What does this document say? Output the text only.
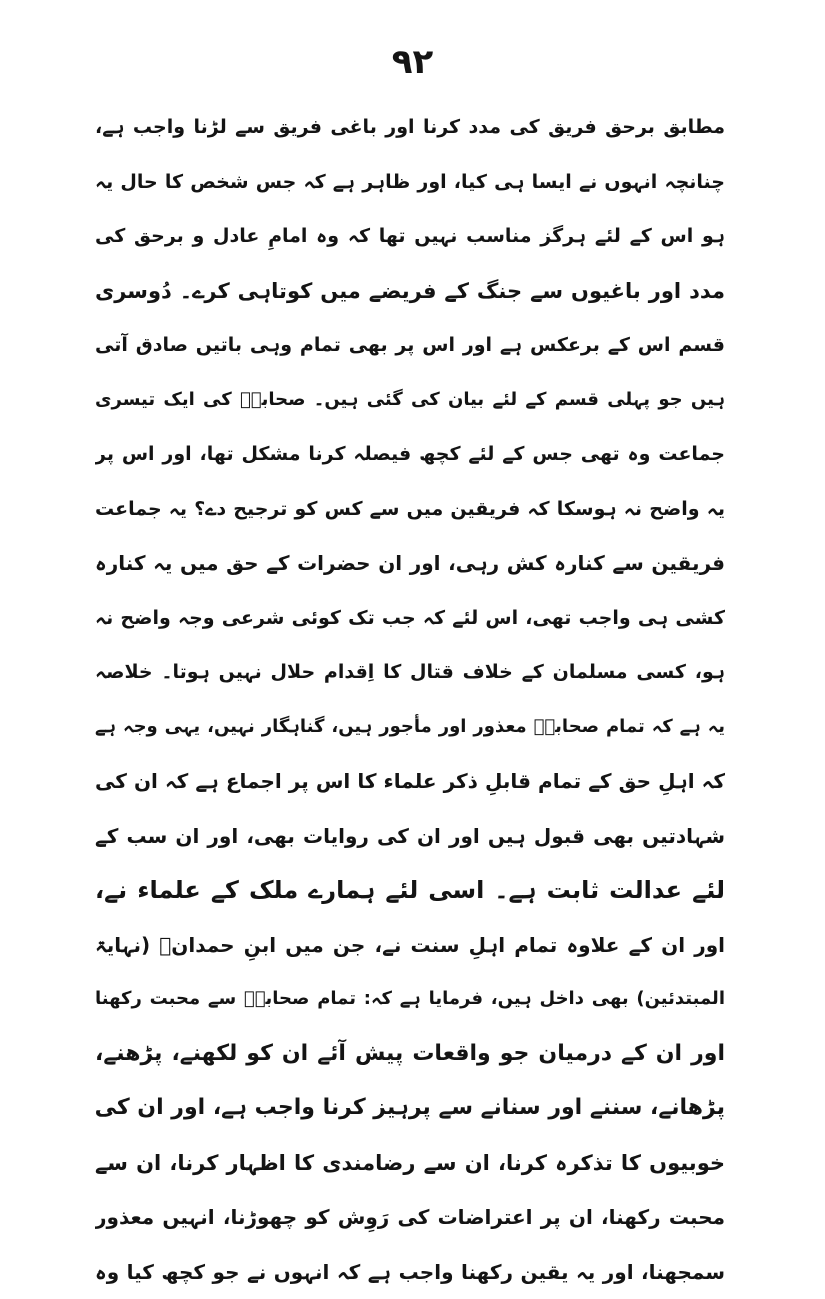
۹۲
مطابق برحق فریق کی مدد کرنا اور باغی فریق سے لڑنا واجب ہے،
چنانچہ انہوں نے ایسا ہی کیا، اور ظاہر ہے کہ جس شخص کا حال یہ
ہو اس کے لئے ہرگز مناسب نہیں تھا کہ وہ امامِ عادل و برحق کی
مدد اور باغیوں سے جنگ کے فریضے میں کوتاہی کرے۔ دُوسری
قسم اس کے برعکس ہے اور اس پر بھی تمام وہی باتیں صادق آتی
ہیں جو پہلی قسم کے لئے بیان کی گئی ہیں۔ صحابہؓ کی ایک تیسری
جماعت وہ تھی جس کے لئے کچھ فیصلہ کرنا مشکل تھا، اور اس پر
یہ واضح نہ ہوسکا کہ فریقین میں سے کس کو ترجیح دے؟ یہ جماعت
فریقین سے کنارہ کش رہی، اور ان حضرات کے حق میں یہ کنارہ
کشی ہی واجب تھی، اس لئے کہ جب تک کوئی شرعی وجہ واضح نہ
ہو، کسی مسلمان کے خلاف قتال کا اِقدام حلال نہیں ہوتا۔ خلاصہ
یہ ہے کہ تمام صحابہؓ معذور اور مأجور ہیں، گناہگار نہیں، یہی وجہ ہے
کہ اہلِ حق کے تمام قابلِ ذکر علماء کا اس پر اجماع ہے کہ ان کی
شہادتیں بھی قبول ہیں اور ان کی روایات بھی، اور ان سب کے
لئے عدالت ثابت ہے۔ اسی لئے ہمارے ملک کے علماء نے،
اور ان کے علاوہ تمام اہلِ سنت نے، جن میں ابنِ حمدانؒ (نہایۃ
المبتدئین) بھی داخل ہیں، فرمایا ہے کہ: تمام صحابہؓ سے محبت رکھنا
اور ان کے درمیان جو واقعات پیش آئے ان کو لکھنے، پڑھنے،
پڑھانے، سننے اور سنانے سے پرہیز کرنا واجب ہے، اور ان کی
خوبیوں کا تذکرہ کرنا، ان سے رضامندی کا اظہار کرنا، ان سے
محبت رکھنا، ان پر اعتراضات کی رَوِش کو چھوڑنا، انہیں معذور
سمجھنا، اور یہ یقین رکھنا واجب ہے کہ انہوں نے جو کچھ کیا وہ
